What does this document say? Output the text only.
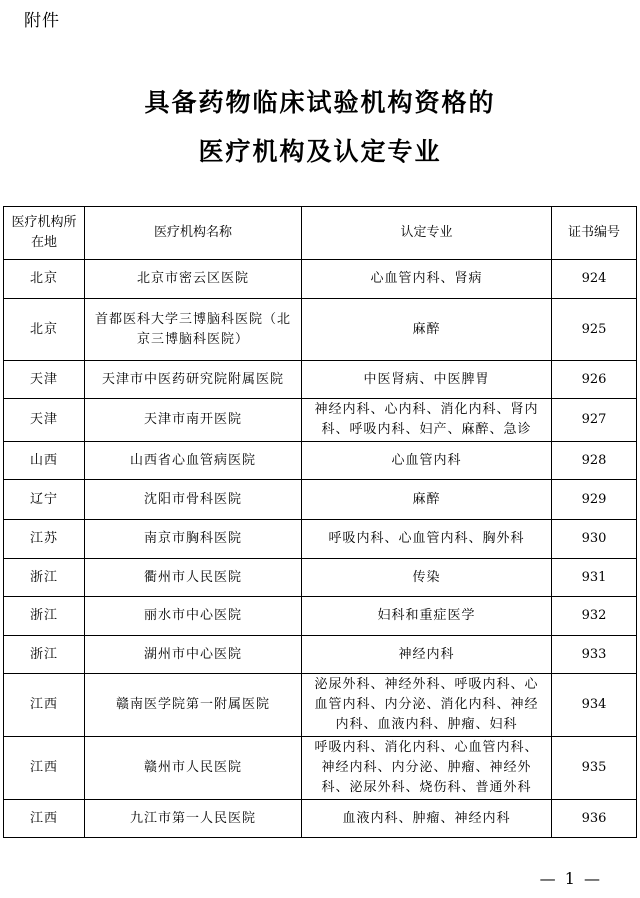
附件
具备药物临床试验机构资格的
医疗机构及认定专业
医疗机构所在地	医疗机构名称	认定专业	证书编号
北京	北京市密云区医院	心血管内科、肾病	924
北京	首都医科大学三博脑科医院（北京三博脑科医院）	麻醉	925
天津	天津市中医药研究院附属医院	中医肾病、中医脾胃	926
天津	天津市南开医院	神经内科、心内科、消化内科、肾内科、呼吸内科、妇产、麻醉、急诊	927
山西	山西省心血管病医院	心血管内科	928
辽宁	沈阳市骨科医院	麻醉	929
江苏	南京市胸科医院	呼吸内科、心血管内科、胸外科	930
浙江	衢州市人民医院	传染	931
浙江	丽水市中心医院	妇科和重症医学	932
浙江	湖州市中心医院	神经内科	933
江西	赣南医学院第一附属医院	泌尿外科、神经外科、呼吸内科、心血管内科、内分泌、消化内科、神经内科、血液内科、肿瘤、妇科	934
江西	赣州市人民医院	呼吸内科、消化内科、心血管内科、神经内科、内分泌、肿瘤、神经外科、泌尿外科、烧伤科、普通外科	935
江西	九江市第一人民医院	血液内科、肿瘤、神经内科	936
— 1 —
